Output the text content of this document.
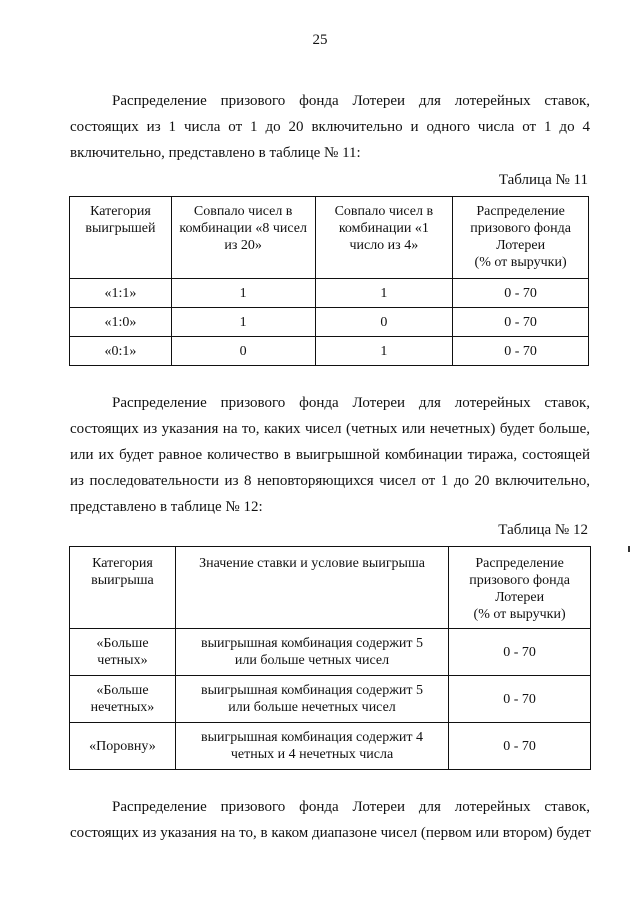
25
Распределение призового фонда Лотереи для лотерейных ставок,
состоящих из 1 числа от 1 до 20 включительно и одного числа от 1 до 4
включительно, представлено в таблице № 11:
Таблица № 11
Категория
выигрышей	Совпало чисел в
комбинации «8 чисел
из 20»	Совпало чисел в
комбинации «1
число из 4»	Распределение
призового фонда
Лотереи
(% от выручки)
«1:1»	1	1	0 - 70
«1:0»	1	0	0 - 70
«0:1»	0	1	0 - 70
Распределение призового фонда Лотереи для лотерейных ставок,
состоящих из указания на то, каких чисел (четных или нечетных) будет больше,
или их будет равное количество в выигрышной комбинации тиража, состоящей
из последовательности из 8 неповторяющихся чисел от 1 до 20 включительно,
представлено в таблице № 12:
Таблица № 12
Категория
выигрыша	Значение ставки и условие выигрыша	Распределение
призового фонда
Лотереи
(% от выручки)
«Больше
четных»	выигрышная комбинация содержит 5
или больше четных чисел	0 - 70
«Больше
нечетных»	выигрышная комбинация содержит 5
или больше нечетных чисел	0 - 70
«Поровну»	выигрышная комбинация содержит 4
четных и 4 нечетных числа	0 - 70
Распределение призового фонда Лотереи для лотерейных ставок,
состоящих из указания на то, в каком диапазоне чисел (первом или втором) будет
